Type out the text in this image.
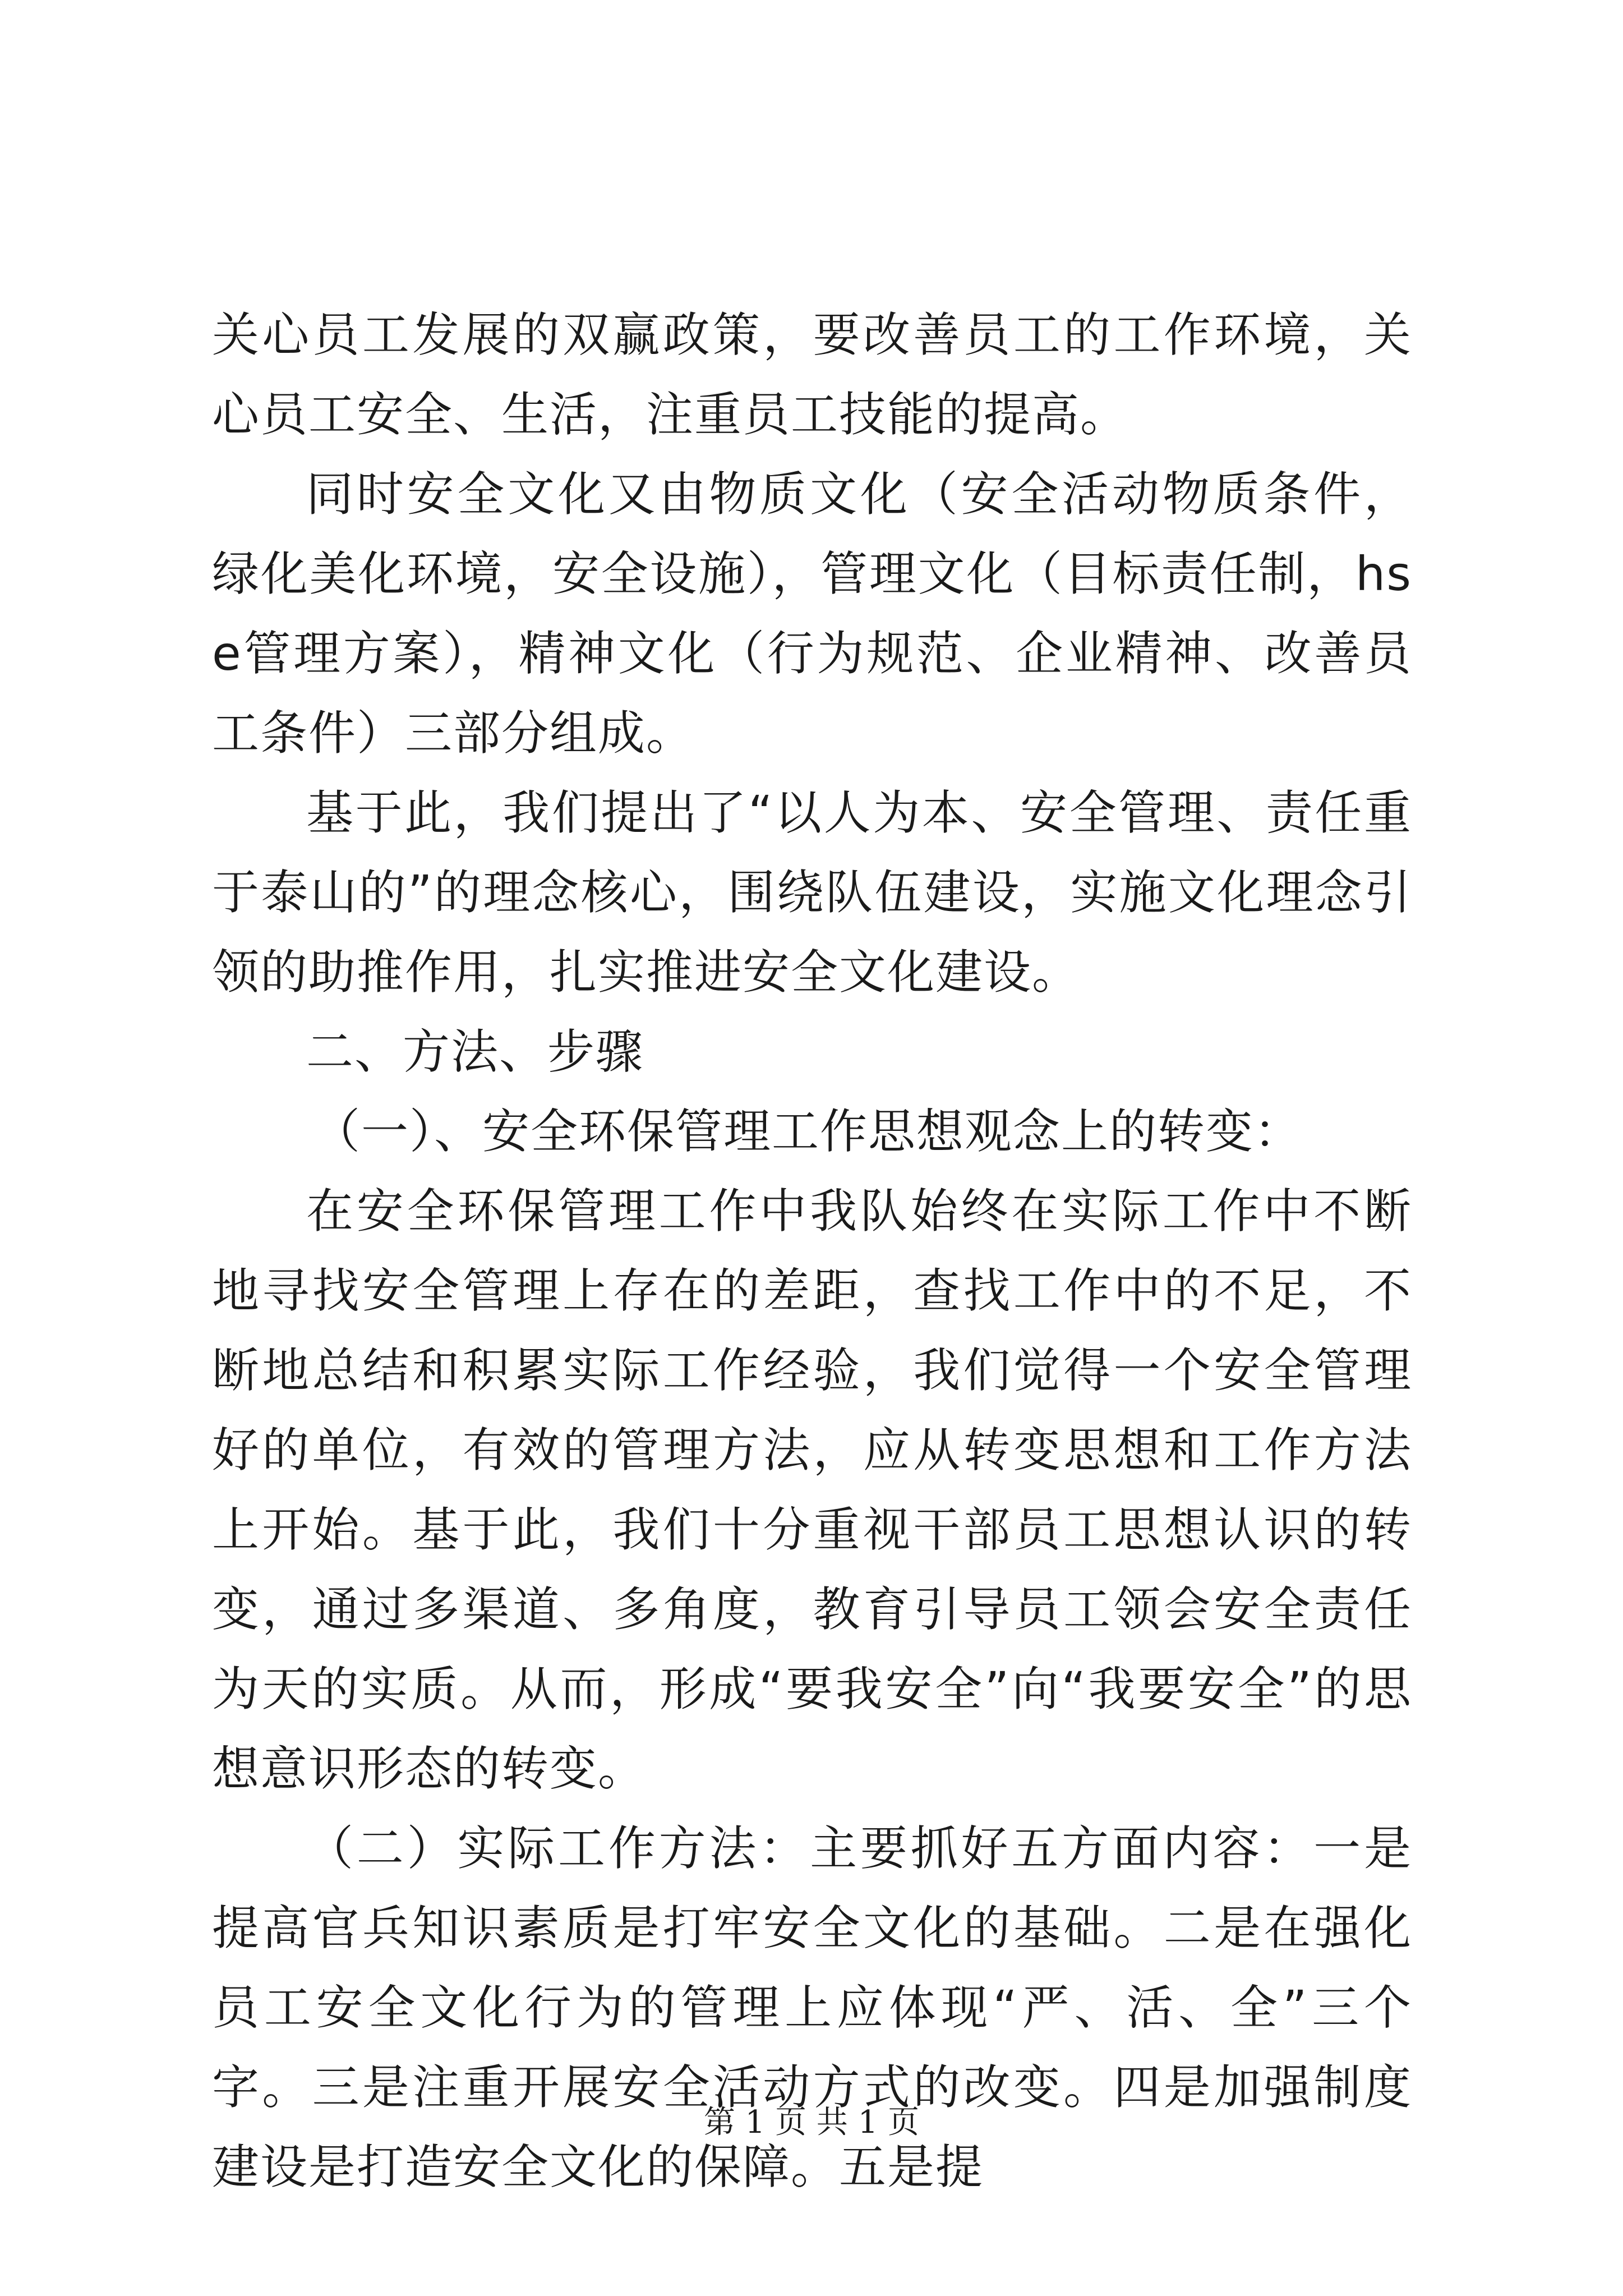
关心员工发展的双赢政策，要改善员工的工作环境，关心员工安全、生活，注重员工技能的提高。

同时安全文化又由物质文化（安全活动物质条件，绿化美化环境，安全设施），管理文化（目标责任制，hse管理方案），精神文化（行为规范、企业精神、改善员工条件）三部分组成。

基于此，我们提出了“以人为本、安全管理、责任重于泰山的”的理念核心，围绕队伍建设，实施文化理念引领的助推作用，扎实推进安全文化建设。

二、方法、步骤

（一）、安全环保管理工作思想观念上的转变：

在安全环保管理工作中我队始终在实际工作中不断地寻找安全管理上存在的差距，查找工作中的不足，不断地总结和积累实际工作经验，我们觉得一个安全管理好的单位，有效的管理方法，应从转变思想和工作方法上开始。基于此，我们十分重视干部员工思想认识的转变，通过多渠道、多角度，教育引导员工领会安全责任为天的实质。从而，形成“要我安全”向“我要安全”的思想意识形态的转变。

（二）实际工作方法：主要抓好五方面内容：一是提高官兵知识素质是打牢安全文化的基础。二是在强化员工安全文化行为的管理上应体现“严、活、全”三个字。三是注重开展安全活动方式的改变。四是加强制度建设是打造安全文化的保障。五是提

第 1 页 共 1 页
